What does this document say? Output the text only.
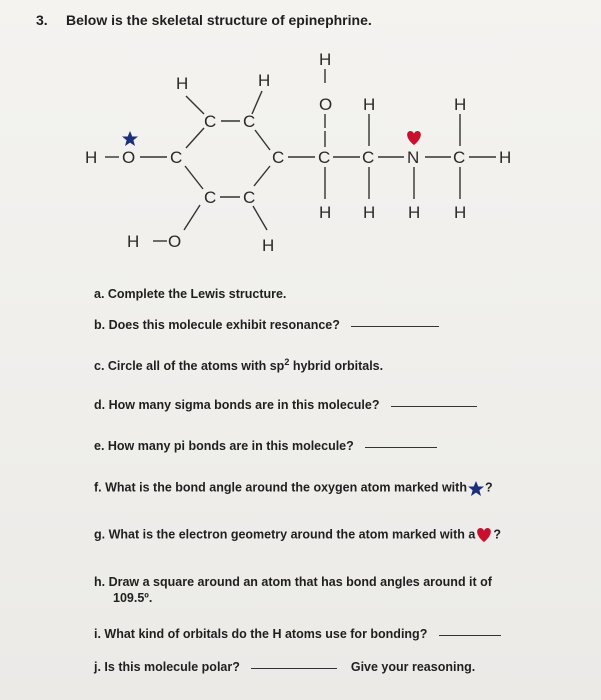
3. Below is the skeletal structure of epinephrine.
H	H
C C
H O C	C
C C
H O	H
H
O H
C C N C
H
H
H H H H
a. Complete the Lewis structure.
b. Does this molecule exhibit resonance?
c. Circle all of the atoms with $sp^2$ hybrid orbitals.
d. How many sigma bonds are in this molecule?
e. How many pi bonds are in this molecule?
f. What is the bond angle around the oxygen atom marked with ?
g. What is the electron geometry around the atom marked with a ?
h. Draw a square around an atom that has bond angles around it of
109.5º.
i. What kind of orbitals do the H atoms use for bonding?
j. Is this molecule polar?	Give your reasoning.
